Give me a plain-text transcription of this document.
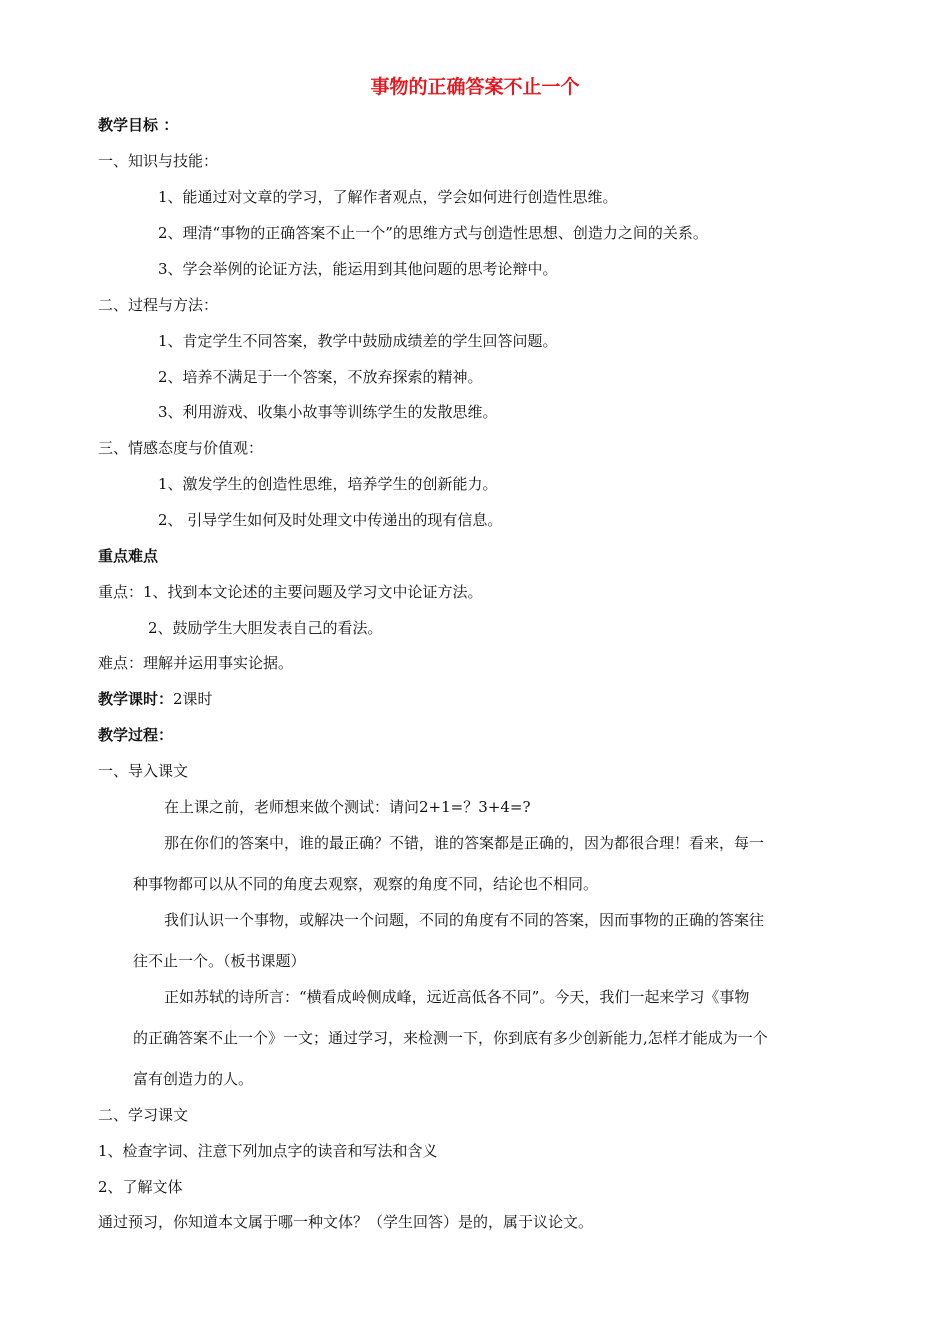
事物的正确答案不止一个
教学目标 ：
一、知识与技能：
1、能通过对文章的学习，了解作者观点，学会如何进行创造性思维。
2、理清“事物的正确答案不止一个”的思维方式与创造性思想、创造力之间的关系。
3、学会举例的论证方法，能运用到其他问题的思考论辩中。
二、过程与方法：
1、肯定学生不同答案，教学中鼓励成绩差的学生回答问题。
2、培养不满足于一个答案，不放弃探索的精神。
3、利用游戏、收集小故事等训练学生的发散思维。
三、情感态度与价值观：
1、激发学生的创造性思维，培养学生的创新能力。
2、 引导学生如何及时处理文中传递出的现有信息。
重点难点
重点：1、找到本文论述的主要问题及学习文中论证方法。
2、鼓励学生大胆发表自己的看法。
难点：理解并运用事实论据。
教学课时：2课时
教学过程：
一、导入课文
在上课之前，老师想来做个测试：请问2+1=？3+4=?
那在你们的答案中，谁的最正确？不错，谁的答案都是正确的，因为都很合理！看来，每一
种事物都可以从不同的角度去观察，观察的角度不同，结论也不相同。
我们认识一个事物，或解决一个问题，不同的角度有不同的答案，因而事物的正确的答案往
往不止一个。（板书课题）
正如苏轼的诗所言：“横看成岭侧成峰，远近高低各不同”。今天，我们一起来学习《事物
的正确答案不止一个》一文；通过学习，来检测一下，你到底有多少创新能力,怎样才能成为一个
富有创造力的人。
二、学习课文
1、检查字词、注意下列加点字的读音和写法和含义
2、了解文体
通过预习，你知道本文属于哪一种文体？（学生回答）是的，属于议论文。
